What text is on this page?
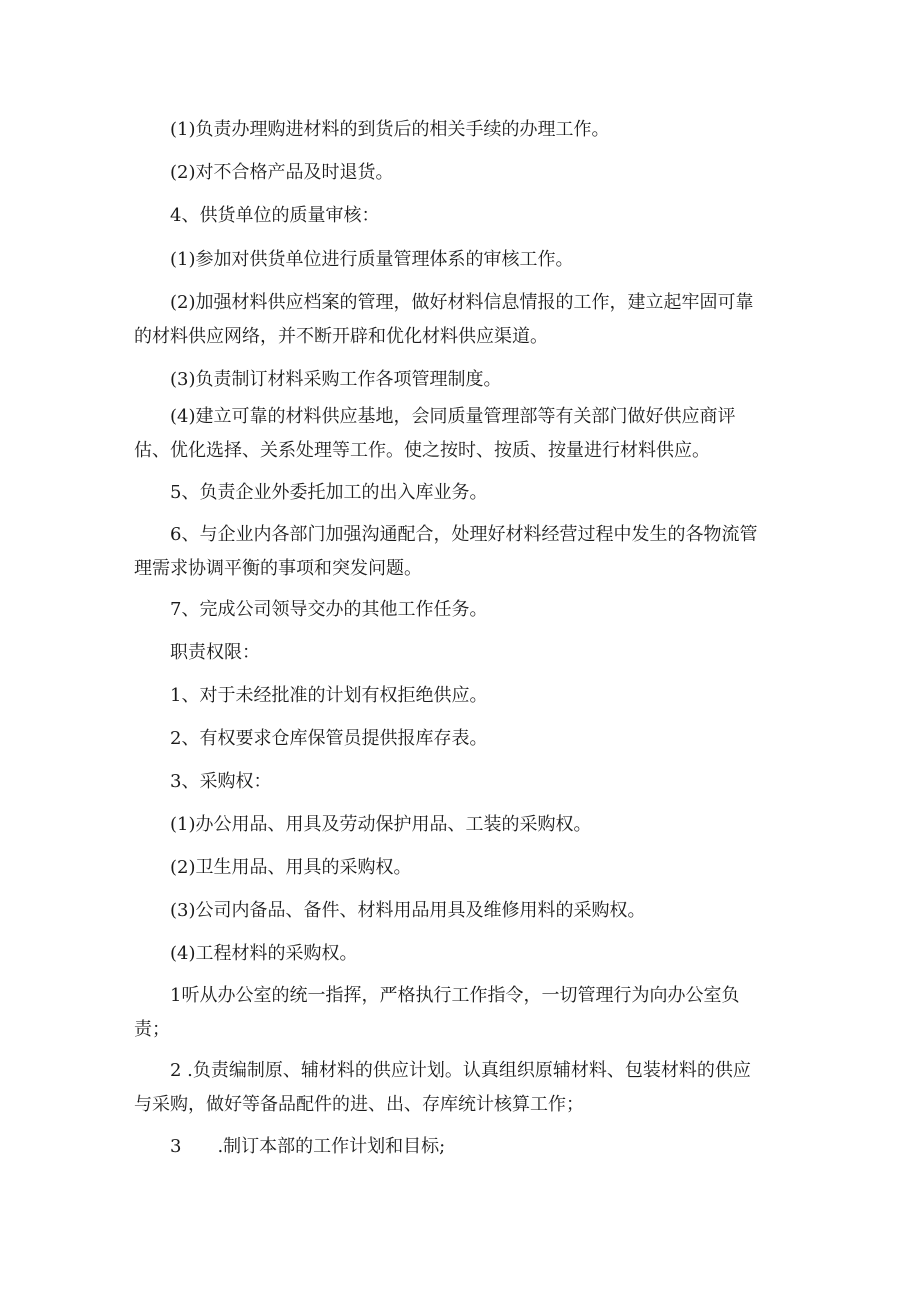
(1)负责办理购进材料的到货后的相关手续的办理工作。

(2)对不合格产品及时退货。

4、供货单位的质量审核：

(1)参加对供货单位进行质量管理体系的审核工作。

(2)加强材料供应档案的管理，做好材料信息情报的工作，建立起牢固可靠的材料供应网络，并不断开辟和优化材料供应渠道。

(3)负责制订材料采购工作各项管理制度。

(4)建立可靠的材料供应基地，会同质量管理部等有关部门做好供应商评估、优化选择、关系处理等工作。使之按时、按质、按量进行材料供应。

5、负责企业外委托加工的出入库业务。

6、与企业内各部门加强沟通配合，处理好材料经营过程中发生的各物流管理需求协调平衡的事项和突发问题。

7、完成公司领导交办的其他工作任务。

职责权限：

1、对于未经批准的计划有权拒绝供应。

2、有权要求仓库保管员提供报库存表。

3、采购权：

(1)办公用品、用具及劳动保护用品、工装的采购权。

(2)卫生用品、用具的采购权。

(3)公司内备品、备件、材料用品用具及维修用料的采购权。

(4)工程材料的采购权。

1听从办公室的统一指挥，严格执行工作指令，一切管理行为向办公室负责；

2 .负责编制原、辅材料的供应计划。认真组织原辅材料、包装材料的供应与采购，做好等备品配件的进、出、存库统计核算工作；

3　　.制订本部的工作计划和目标;
